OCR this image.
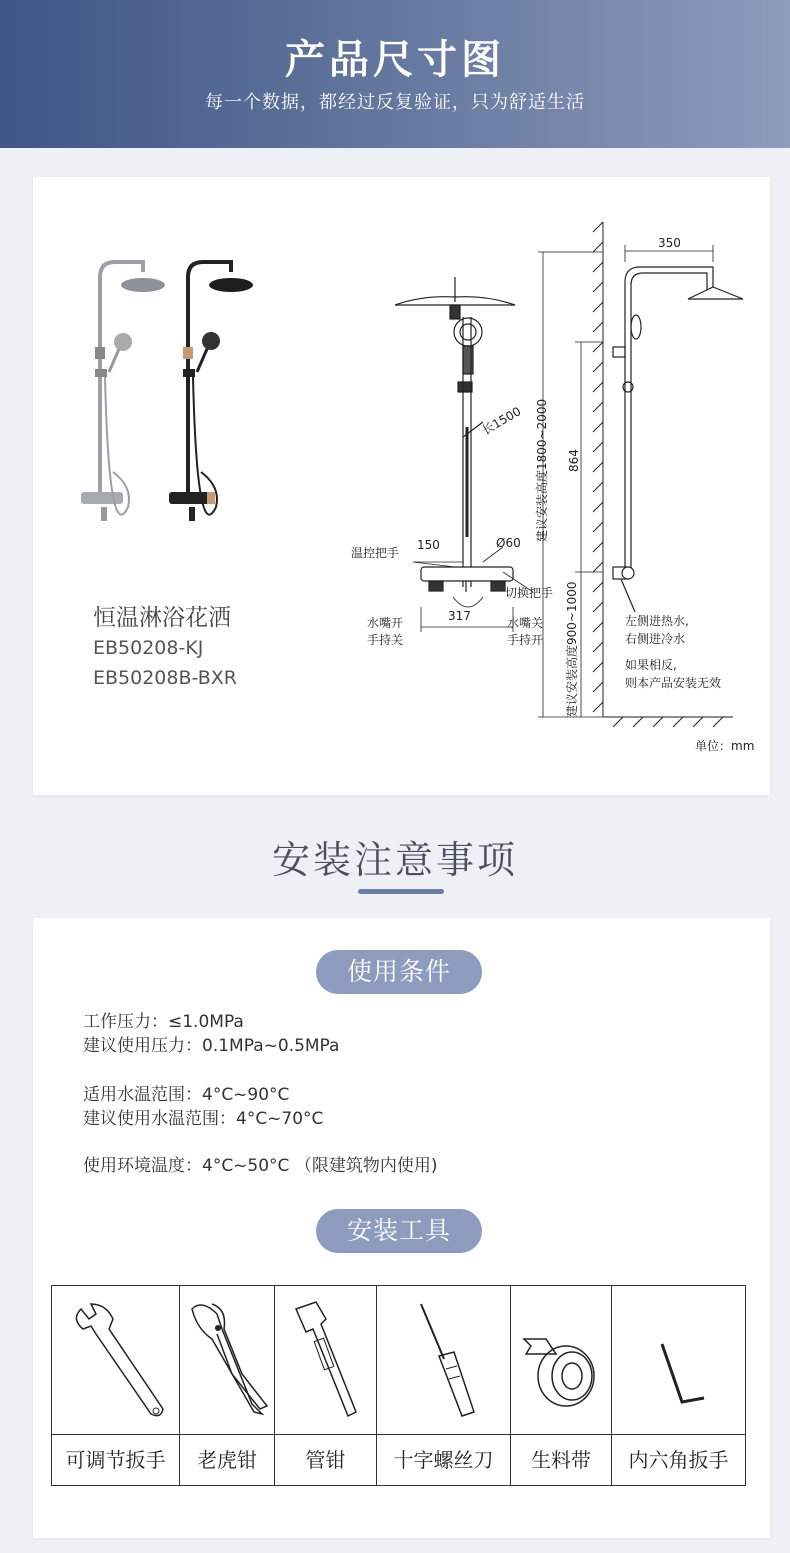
产品尺寸图

每一个数据，都经过反复验证，只为舒适生活

恒温淋浴花洒
EB50208-KJ
EB50208B-BXR
长1500
Ø60
150
317
温控把手
切换把手
水嘴开
手持关
水嘴关
手持开
350
864
建议安装高度1800~2000
建议安装高度900~1000	左侧进热水,
右侧进冷水
如果相反,
则本产品安装无效
单位：mm
安装注意事项
使用条件
工作压力：≤1.0MPa
建议使用压力：0.1MPa~0.5MPa
适用水温范围：4°C~90°C
建议使用水温范围：4°C~70°C
使用环境温度：4°C~50°C （限建筑物内使用)
安装工具
可调节扳手	老虎钳	管钳	十字螺丝刀	生料带	内六角扳手
